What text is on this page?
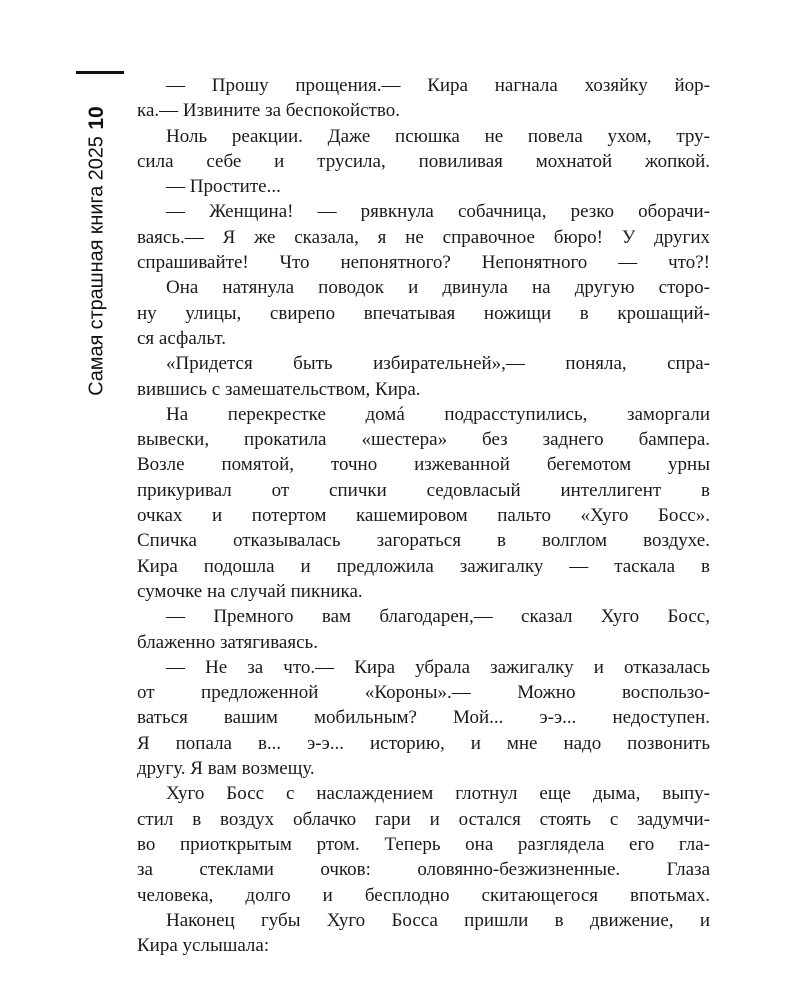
10
Самая страшная книга 2025
— Прошу прощения.— Кира нагнала хозяйку йор-
ка.— Извините за беспокойство.
Ноль реакции. Даже псюшка не повела ухом, тру-
сила себе и трусила, повиливая мохнатой жопкой.
— Простите...
— Женщина! — рявкнула собачница, резко оборачи-
ваясь.— Я же сказала, я не справочное бюро! У других
спрашивайте! Что непонятного? Непонятного — что?!
Она натянула поводок и двинула на другую сторо-
ну улицы, свирепо впечатывая ножищи в крошащий-
ся асфальт.
«Придется быть избирательней»,— поняла, спра-
вившись с замешательством, Кира.
На перекрестке домá подрасступились, заморгали
вывески, прокатила «шестера» без заднего бампера.
Возле помятой, точно изжеванной бегемотом урны
прикуривал от спички седовласый интеллигент в
очках и потертом кашемировом пальто «Хуго Босс».
Спичка отказывалась загораться в волглом воздухе.
Кира подошла и предложила зажигалку — таскала в
сумочке на случай пикника.
— Премного вам благодарен,— сказал Хуго Босс,
блаженно затягиваясь.
— Не за что.— Кира убрала зажигалку и отказалась
от предложенной «Короны».— Можно воспользо-
ваться вашим мобильным? Мой... э-э... недоступен.
Я попала в... э-э... историю, и мне надо позвонить
другу. Я вам возмещу.
Хуго Босс с наслаждением глотнул еще дыма, выпу-
стил в воздух облачко гари и остался стоять с задумчи-
во приоткрытым ртом. Теперь она разглядела его гла-
за стеклами очков: оловянно-безжизненные. Глаза
человека, долго и бесплодно скитающегося впотьмах.
Наконец губы Хуго Босса пришли в движение, и
Кира услышала:
